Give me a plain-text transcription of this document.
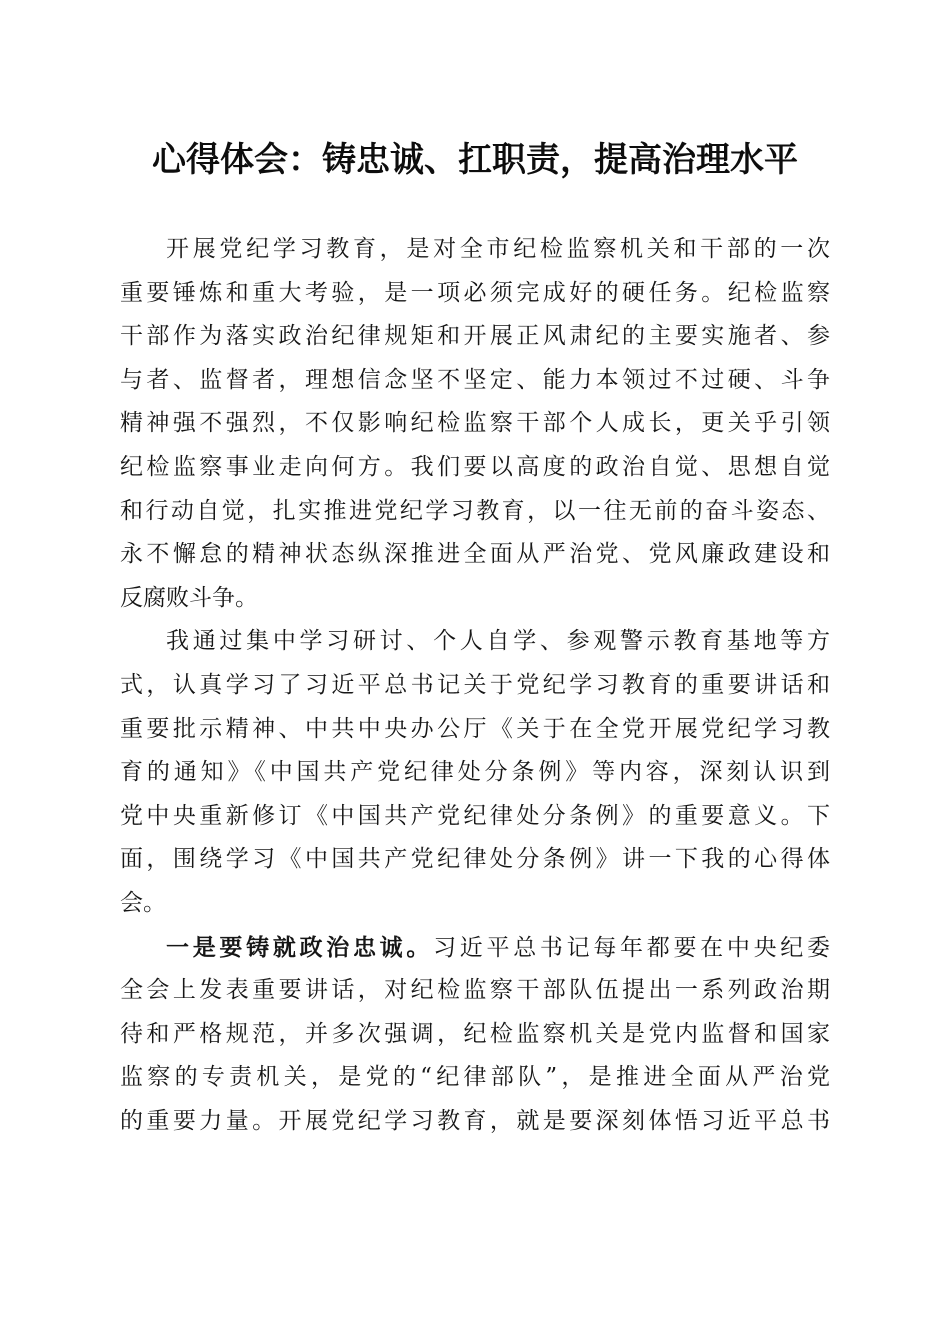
心得体会：铸忠诚、扛职责，提高治理水平
开展党纪学习教育，是对全市纪检监察机关和干部的一次
重要锤炼和重大考验，是一项必须完成好的硬任务。纪检监察
干部作为落实政治纪律规矩和开展正风肃纪的主要实施者、参
与者、监督者，理想信念坚不坚定、能力本领过不过硬、斗争
精神强不强烈，不仅影响纪检监察干部个人成长，更关乎引领
纪检监察事业走向何方。我们要以高度的政治自觉、思想自觉
和行动自觉，扎实推进党纪学习教育，以一往无前的奋斗姿态、
永不懈怠的精神状态纵深推进全面从严治党、党风廉政建设和
反腐败斗争。
我通过集中学习研讨、个人自学、参观警示教育基地等方
式，认真学习了习近平总书记关于党纪学习教育的重要讲话和
重要批示精神、中共中央办公厅《关于在全党开展党纪学习教
育的通知》《中国共产党纪律处分条例》等内容，深刻认识到
党中央重新修订《中国共产党纪律处分条例》的重要意义。下
面，围绕学习《中国共产党纪律处分条例》讲一下我的心得体
会。
一是要铸就政治忠诚。习近平总书记每年都要在中央纪委
全会上发表重要讲话，对纪检监察干部队伍提出一系列政治期
待和严格规范，并多次强调，纪检监察机关是党内监督和国家
监察的专责机关，是党的“纪律部队”，是推进全面从严治党
的重要力量。开展党纪学习教育，就是要深刻体悟习近平总书
